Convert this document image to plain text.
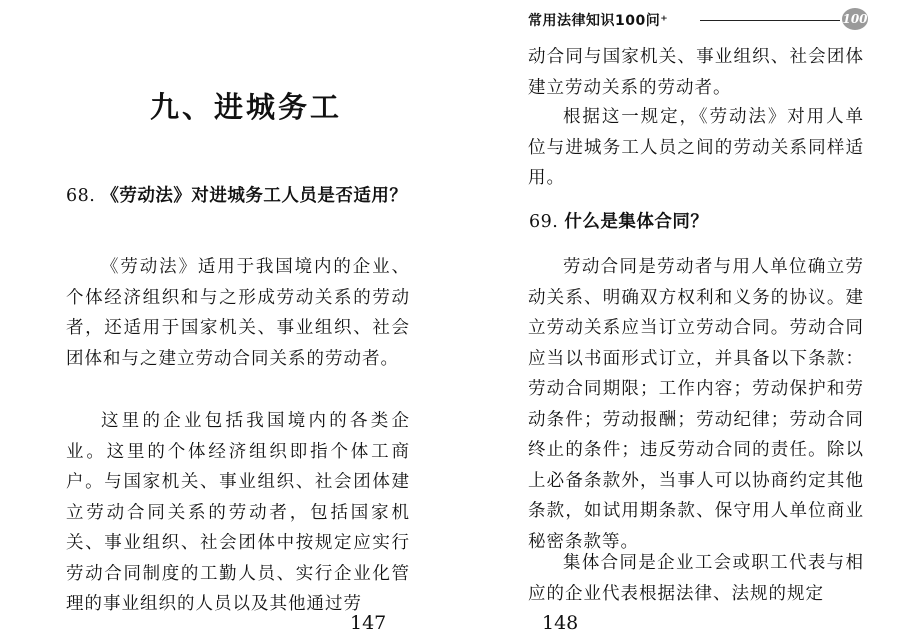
九、进城务工

68. 《劳动法》对进城务工人员是否适用？

《劳动法》适用于我国境内的企业、个体经济组织和与之形成劳动关系的劳动者，还适用于国家机关、事业组织、社会团体和与之建立劳动合同关系的劳动者。

这里的企业包括我国境内的各类企业。这里的个体经济组织即指个体工商户。与国家机关、事业组织、社会团体建立劳动合同关系的劳动者，包括国家机关、事业组织、社会团体中按规定应实行劳动合同制度的工勤人员、实行企业化管理的事业组织的人员以及其他通过劳

147
常用法律知识100问⁺	100

动合同与国家机关、事业组织、社会团体建立劳动关系的劳动者。

根据这一规定，《劳动法》对用人单位与进城务工人员之间的劳动关系同样适用。

69. 什么是集体合同？

劳动合同是劳动者与用人单位确立劳动关系、明确双方权利和义务的协议。建立劳动关系应当订立劳动合同。劳动合同应当以书面形式订立，并具备以下条款：劳动合同期限；工作内容；劳动保护和劳动条件；劳动报酬；劳动纪律；劳动合同终止的条件；违反劳动合同的责任。除以上必备条款外，当事人可以协商约定其他条款，如试用期条款、保守用人单位商业秘密条款等。

集体合同是企业工会或职工代表与相应的企业代表根据法律、法规的规定

148
